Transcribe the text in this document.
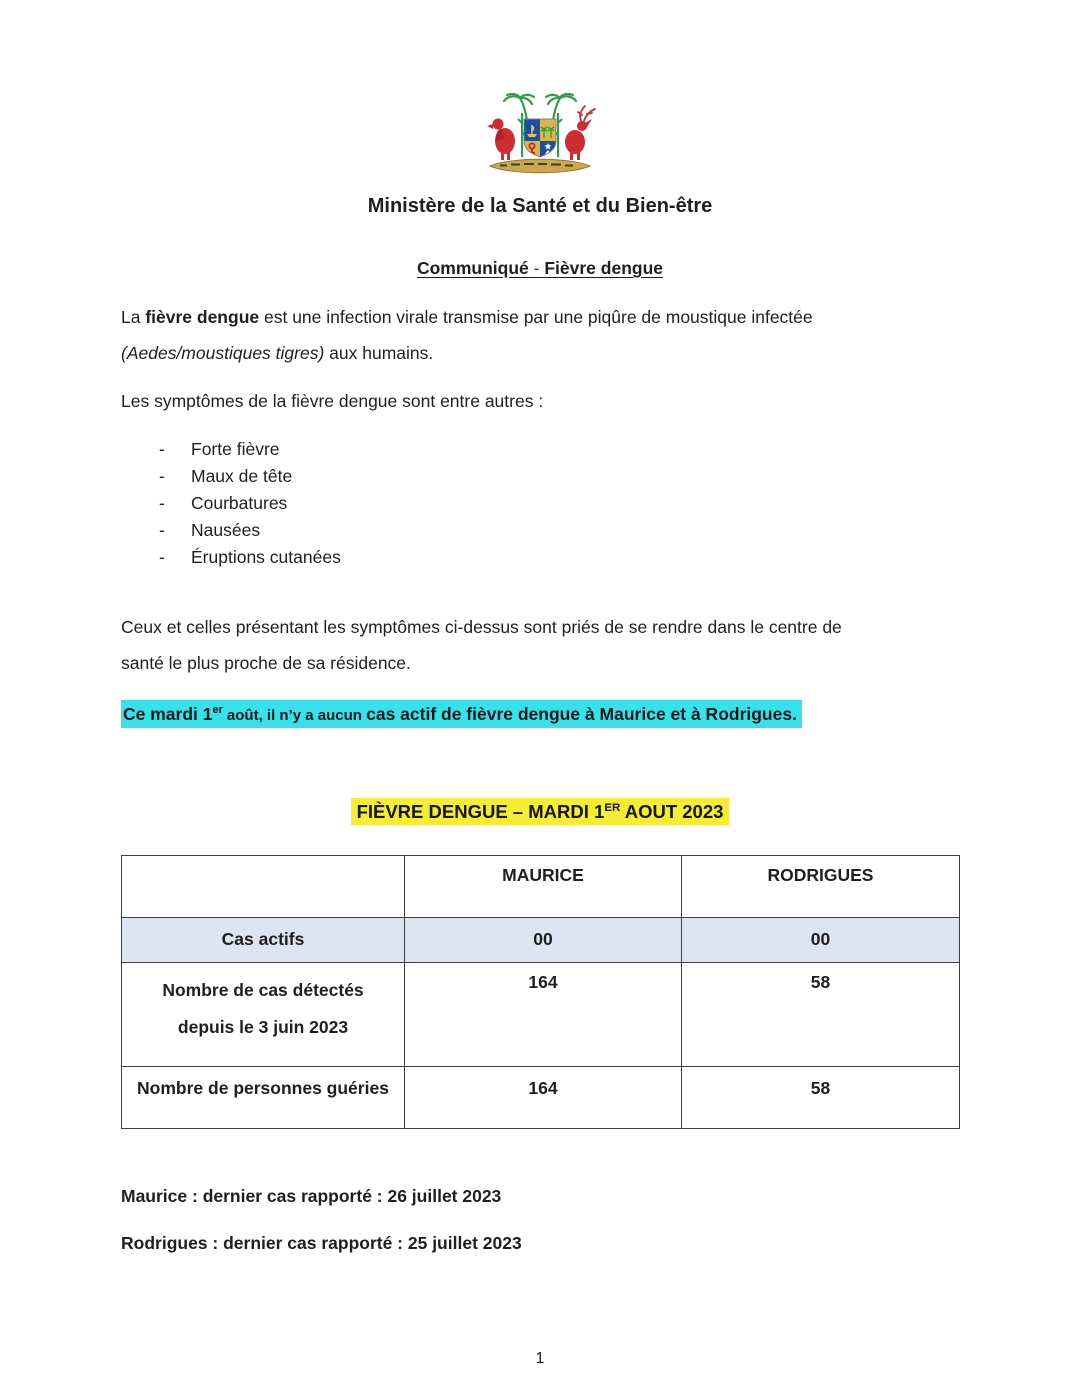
Ministère de la Santé et du Bien-être
Communiqué - Fièvre dengue

La fièvre dengue est une infection virale transmise par une piqûre de moustique infectée
(Aedes/moustiques tigres) aux humains.

Les symptômes de la fièvre dengue sont entre autres :

-	Forte fièvre
-	Maux de tête
-	Courbatures
-	Nausées
-	Éruptions cutanées

Ceux et celles présentant les symptômes ci-dessus sont priés de se rendre dans le centre de
santé le plus proche de sa résidence.

Ce mardi 1er août, il n’y a aucun cas actif de fièvre dengue à Maurice et à Rodrigues.
FIÈVRE DENGUE – MARDI 1ER AOUT 2023
	MAURICE	RODRIGUES
Cas actifs	00	00

Nombre de cas détectés
depuis le 3 juin 2023	164	58
Nombre de personnes guéries	164	58

Maurice : dernier cas rapporté : 26 juillet 2023

Rodrigues : dernier cas rapporté : 25 juillet 2023

1
